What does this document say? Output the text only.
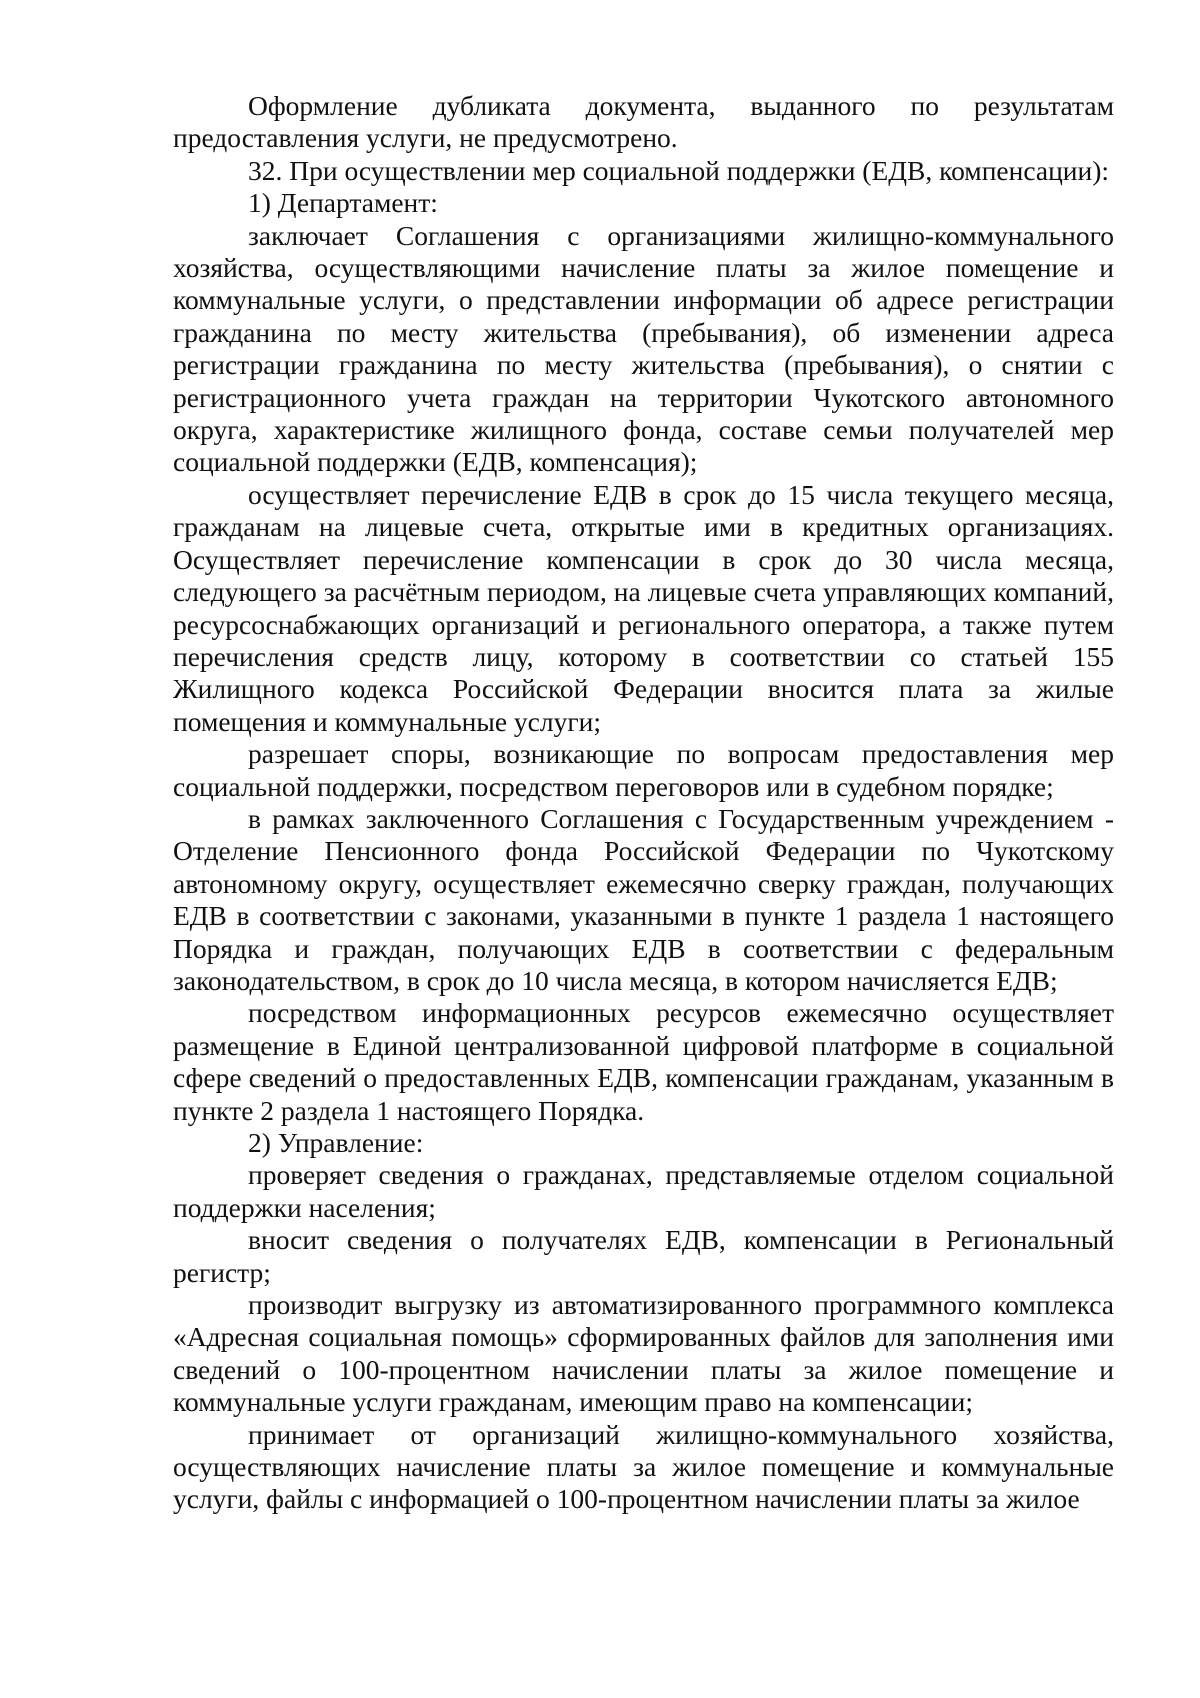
Оформление дубликата документа, выданного по результатам предоставления услуги, не предусмотрено.

32. При осуществлении мер социальной поддержки (ЕДВ, компенсации):

1) Департамент:

заключает Соглашения с организациями жилищно-коммунального хозяйства, осуществляющими начисление платы за жилое помещение и коммунальные услуги, о представлении информации об адресе регистрации гражданина по месту жительства (пребывания), об изменении адреса регистрации гражданина по месту жительства (пребывания), о снятии с регистрационного учета граждан на территории Чукотского автономного округа, характеристике жилищного фонда, составе семьи получателей мер социальной поддержки (ЕДВ, компенсация);

осуществляет перечисление ЕДВ в срок до 15 числа текущего месяца, гражданам на лицевые счета, открытые ими в кредитных организациях. Осуществляет перечисление компенсации в срок до 30 числа месяца, следующего за расчётным периодом, на лицевые счета управляющих компаний, ресурсоснабжающих организаций и регионального оператора, а также путем перечисления средств лицу, которому в соответствии со статьей 155 Жилищного кодекса Российской Федерации вносится плата за жилые помещения и коммунальные услуги;

разрешает споры, возникающие по вопросам предоставления мер социальной поддержки, посредством переговоров или в судебном порядке;

в рамках заключенного Соглашения с Государственным учреждением - Отделение Пенсионного фонда Российской Федерации по Чукотскому автономному округу, осуществляет ежемесячно сверку граждан, получающих ЕДВ в соответствии с законами, указанными в пункте 1 раздела 1 настоящего Порядка и граждан, получающих ЕДВ в соответствии с федеральным законодательством, в срок до 10 числа месяца, в котором начисляется ЕДВ;

посредством информационных ресурсов ежемесячно осуществляет размещение в Единой централизованной цифровой платформе в социальной сфере сведений о предоставленных ЕДВ, компенсации гражданам, указанным в пункте 2 раздела 1 настоящего Порядка.

2) Управление:

проверяет сведения о гражданах, представляемые отделом социальной поддержки населения;

вносит сведения о получателях ЕДВ, компенсации в Региональный регистр;

производит выгрузку из автоматизированного программного комплекса «Адресная социальная помощь» сформированных файлов для заполнения ими сведений о 100-процентном начислении платы за жилое помещение и коммунальные услуги гражданам, имеющим право на компенсации;

принимает от организаций жилищно-коммунального хозяйства, осуществляющих начисление платы за жилое помещение и коммунальные услуги, файлы с информацией о 100-процентном начислении платы за жилое
